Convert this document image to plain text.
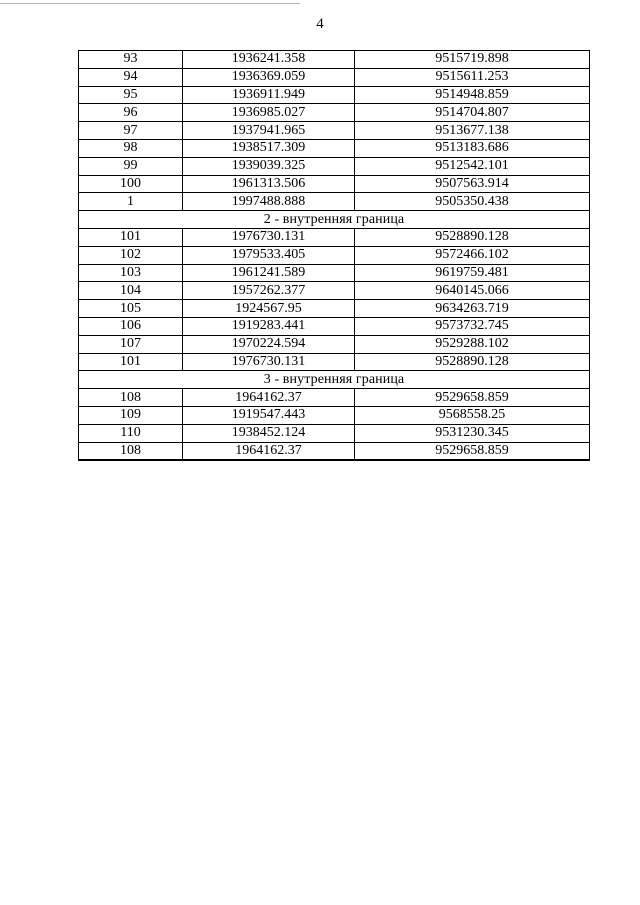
4
93	1936241.358	9515719.898
94	1936369.059	9515611.253
95	1936911.949	9514948.859
96	1936985.027	9514704.807
97	1937941.965	9513677.138
98	1938517.309	9513183.686
99	1939039.325	9512542.101
100	1961313.506	9507563.914
1	1997488.888	9505350.438
2 - внутренняя граница		
101	1976730.131	9528890.128
102	1979533.405	9572466.102
103	1961241.589	9619759.481
104	1957262.377	9640145.066
105	1924567.95	9634263.719
106	1919283.441	9573732.745
107	1970224.594	9529288.102
101	1976730.131	9528890.128
3 - внутренняя граница		
108	1964162.37	9529658.859
109	1919547.443	9568558.25
110	1938452.124	9531230.345
108	1964162.37	9529658.859
